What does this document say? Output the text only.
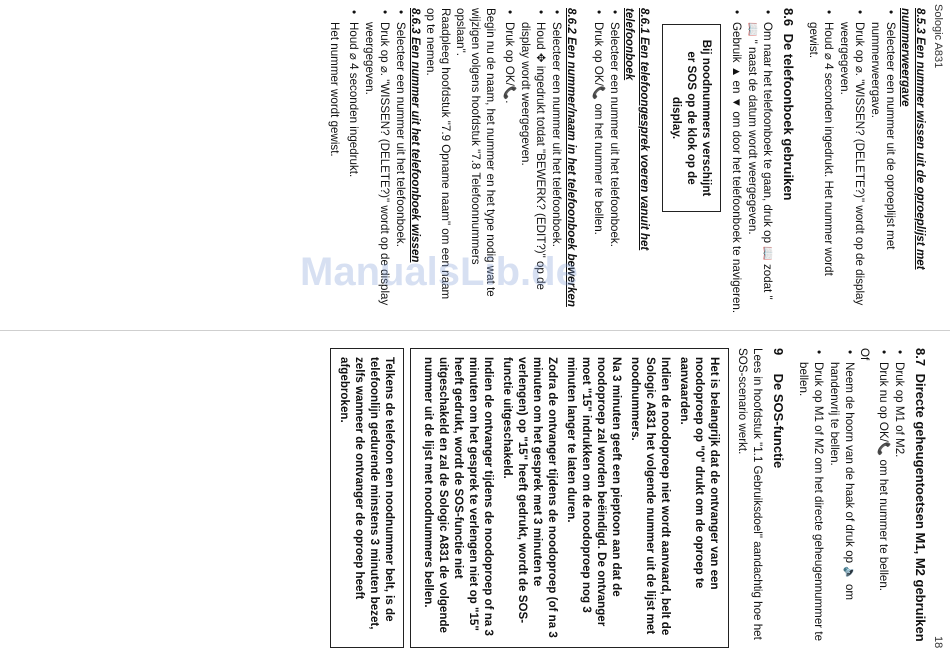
Sologic A831
18

8.5.3 Een nummer wissen uit de oproeplijst met nummerweergave

• Selecteer een nummer uit de oproeplijst met nummerweergave.
• Druk op ⌀. "WISSEN? (DELETE?)" wordt op de display weergegeven.
• Houd ⌀ 4 seconden ingedrukt. Het nummer wordt gewist.
8.6 De telefoonboek gebruiken
• Om naar het telefoonboek te gaan, druk op 📖 zodat " 📖 " naast de datum wordt weergegeven.
• Gebruik ▲ en ▼ om door het telefoonboek te navigeren.
Bij noodnummers verschijnt er SOS op de klok op de display.

8.6.1 Een telefoongesprek voeren vanuit het telefoonboek

• Selecteer een nummer uit het telefoonboek.
• Druk op OK/📞 om het nummer te bellen.

8.6.2 Een nummer/naam in het telefoonboek bewerken

• Selecteer een nummer uit het telefoonboek.
• Houd ✥ ingedrukt totdat "BEWERK? (EDIT?)" op de display wordt weergegeven.
• Druk op OK/📞.

Begin nu de naam, het nummer en het type nodig wat te wijzigen volgens hoofdstuk "7.8 Telefoonnummers opslaan".

Raadpleeg hoofdstuk "7.9 Opname naam" om een naam op te nemen.

8.6.3 Een nummer uit het telefoonboek wissen

• Selecteer een nummer uit het telefoonboek.
• Druk op ⌀. "WISSEN? (DELETE?)" wordt op de display weergegeven.
• Houd ⌀ 4 seconden ingedrukt.

Het nummer wordt gewist.

8.7 Directe geheugentoetsen M1, M2 gebruiken
• Druk op M1 of M2.
• Druk nu op OK/📞 om het nummer te bellen.

Of

• Neem de hoorn van de haak of druk op 🔈 om handenvrij te bellen.
• Druk op M1 of M2 om het directe geheugennummer te bellen.
9 De SOS-functie

Lees in hoofdstuk "1.1 Gebruiksdoel" aandachtig hoe het SOS-scenario werkt.

Het is belangrijk dat de ontvanger van een noodoproep op "0" drukt om de oproep te aanvaarden.

Indien de noodoproep niet wordt aanvaard, belt de Sologic A831 het volgende nummer uit de lijst met noodnummers.

Na 3 minuten geeft een pieptoon aan dat de noodoproep zal worden beëindigd. De ontvanger moet "15" indrukken om de noodoproep nog 3 minuten langer te laten duren.

Zodra de ontvanger tijdens de noodoproep (of na 3 minuten om het gesprek met 3 minuten te verlengen) op "15" heeft gedrukt, wordt de SOS-functie uitgeschakeld.

Indien de ontvanger tijdens de noodoproep of na 3 minuten om het gesprek te verlengen niet op "15" heeft gedrukt, wordt de SOS-functie niet uitgeschakeld en zal de Sologic A831 de volgende nummer uit de lijst met noodnummers bellen.

Telkens de telefoon een noodnummer belt, is de telefoonlijn gedurende minstens 3 minuten bezet, zelfs wanneer de ontvanger de oproep heeft afgebroken.

ManualsLib.de
